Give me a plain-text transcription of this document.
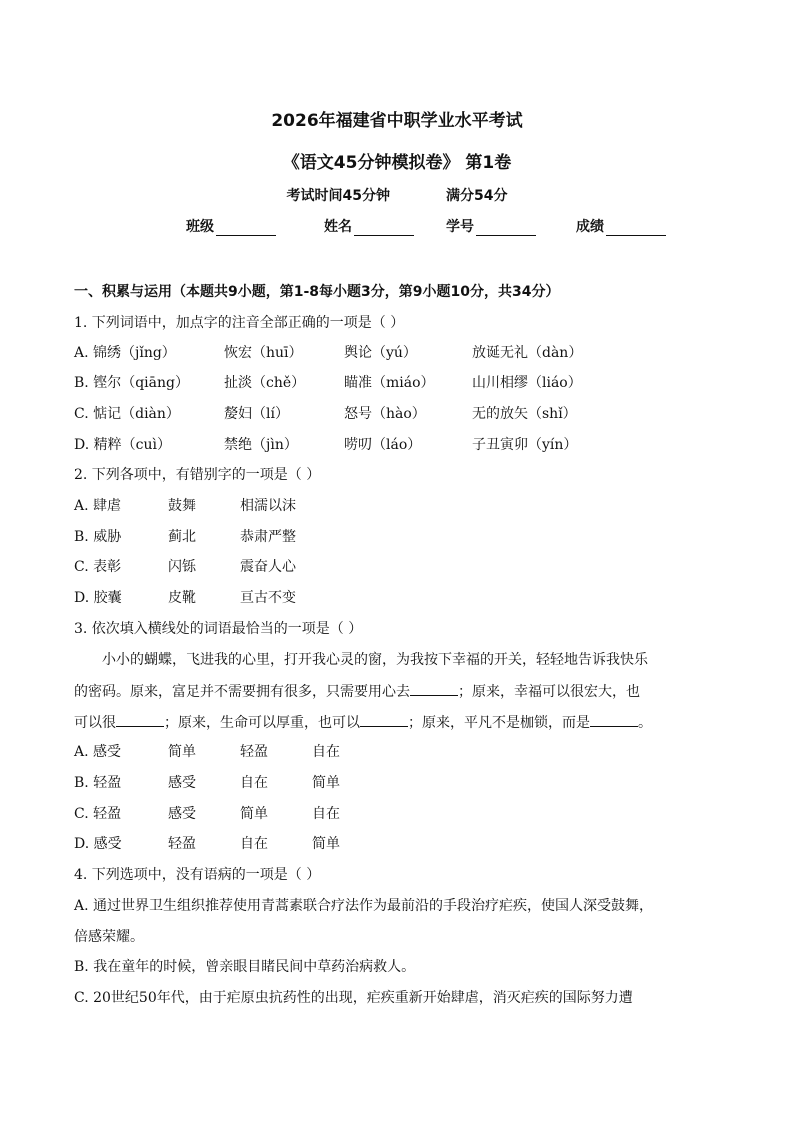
2026年福建省中职学业水平考试
《语文45分钟模拟卷》 第1卷
考试时间45分钟	满分54分
班级	姓名	学号	成绩
一、积累与运用（本题共9小题，第1-8每小题3分，第9小题10分，共34分）
1. 下列词语中，加点字的注音全部正确的一项是（ ）
A. 锦绣（jǐng）	恢宏（huī）	舆论（yú）	放诞无礼（dàn）
B. 铿尔（qiāng）	扯淡（chě）	瞄准（miáo）	山川相缪（liáo）
C. 惦记（diàn）	嫠妇（lí）	怒号（hào）	无的放矢（shǐ）
D. 精粹（cuì）	禁绝（jìn）	唠叨（láo）	子丑寅卯（yín）
2. 下列各项中，有错别字的一项是（ ）
A. 肆虐	鼓舞	相濡以沫
B. 威胁	蓟北	恭肃严整
C. 表彰	闪铄	震奋人心
D. 胶囊	皮靴	亘古不变
3. 依次填入横线处的词语最恰当的一项是（ ）
小小的蝴蝶，飞进我的心里，打开我心灵的窗，为我按下幸福的开关，轻轻地告诉我快乐
的密码。原来，富足并不需要拥有很多，只需要用心去	；原来，幸福可以很宏大，也
可以很	；原来，生命可以厚重，也可以	；原来，平凡不是枷锁，而是	。
A. 感受	简单	轻盈	自在
B. 轻盈	感受	自在	简单
C. 轻盈	感受	简单	自在
D. 感受	轻盈	自在	简单
4. 下列选项中，没有语病的一项是（ ）
A. 通过世界卫生组织推荐使用青蒿素联合疗法作为最前沿的手段治疗疟疾，使国人深受鼓舞，
倍感荣耀。
B. 我在童年的时候，曾亲眼目睹民间中草药治病救人。
C. 20世纪50年代，由于疟原虫抗药性的出现，疟疾重新开始肆虐，消灭疟疾的国际努力遭
